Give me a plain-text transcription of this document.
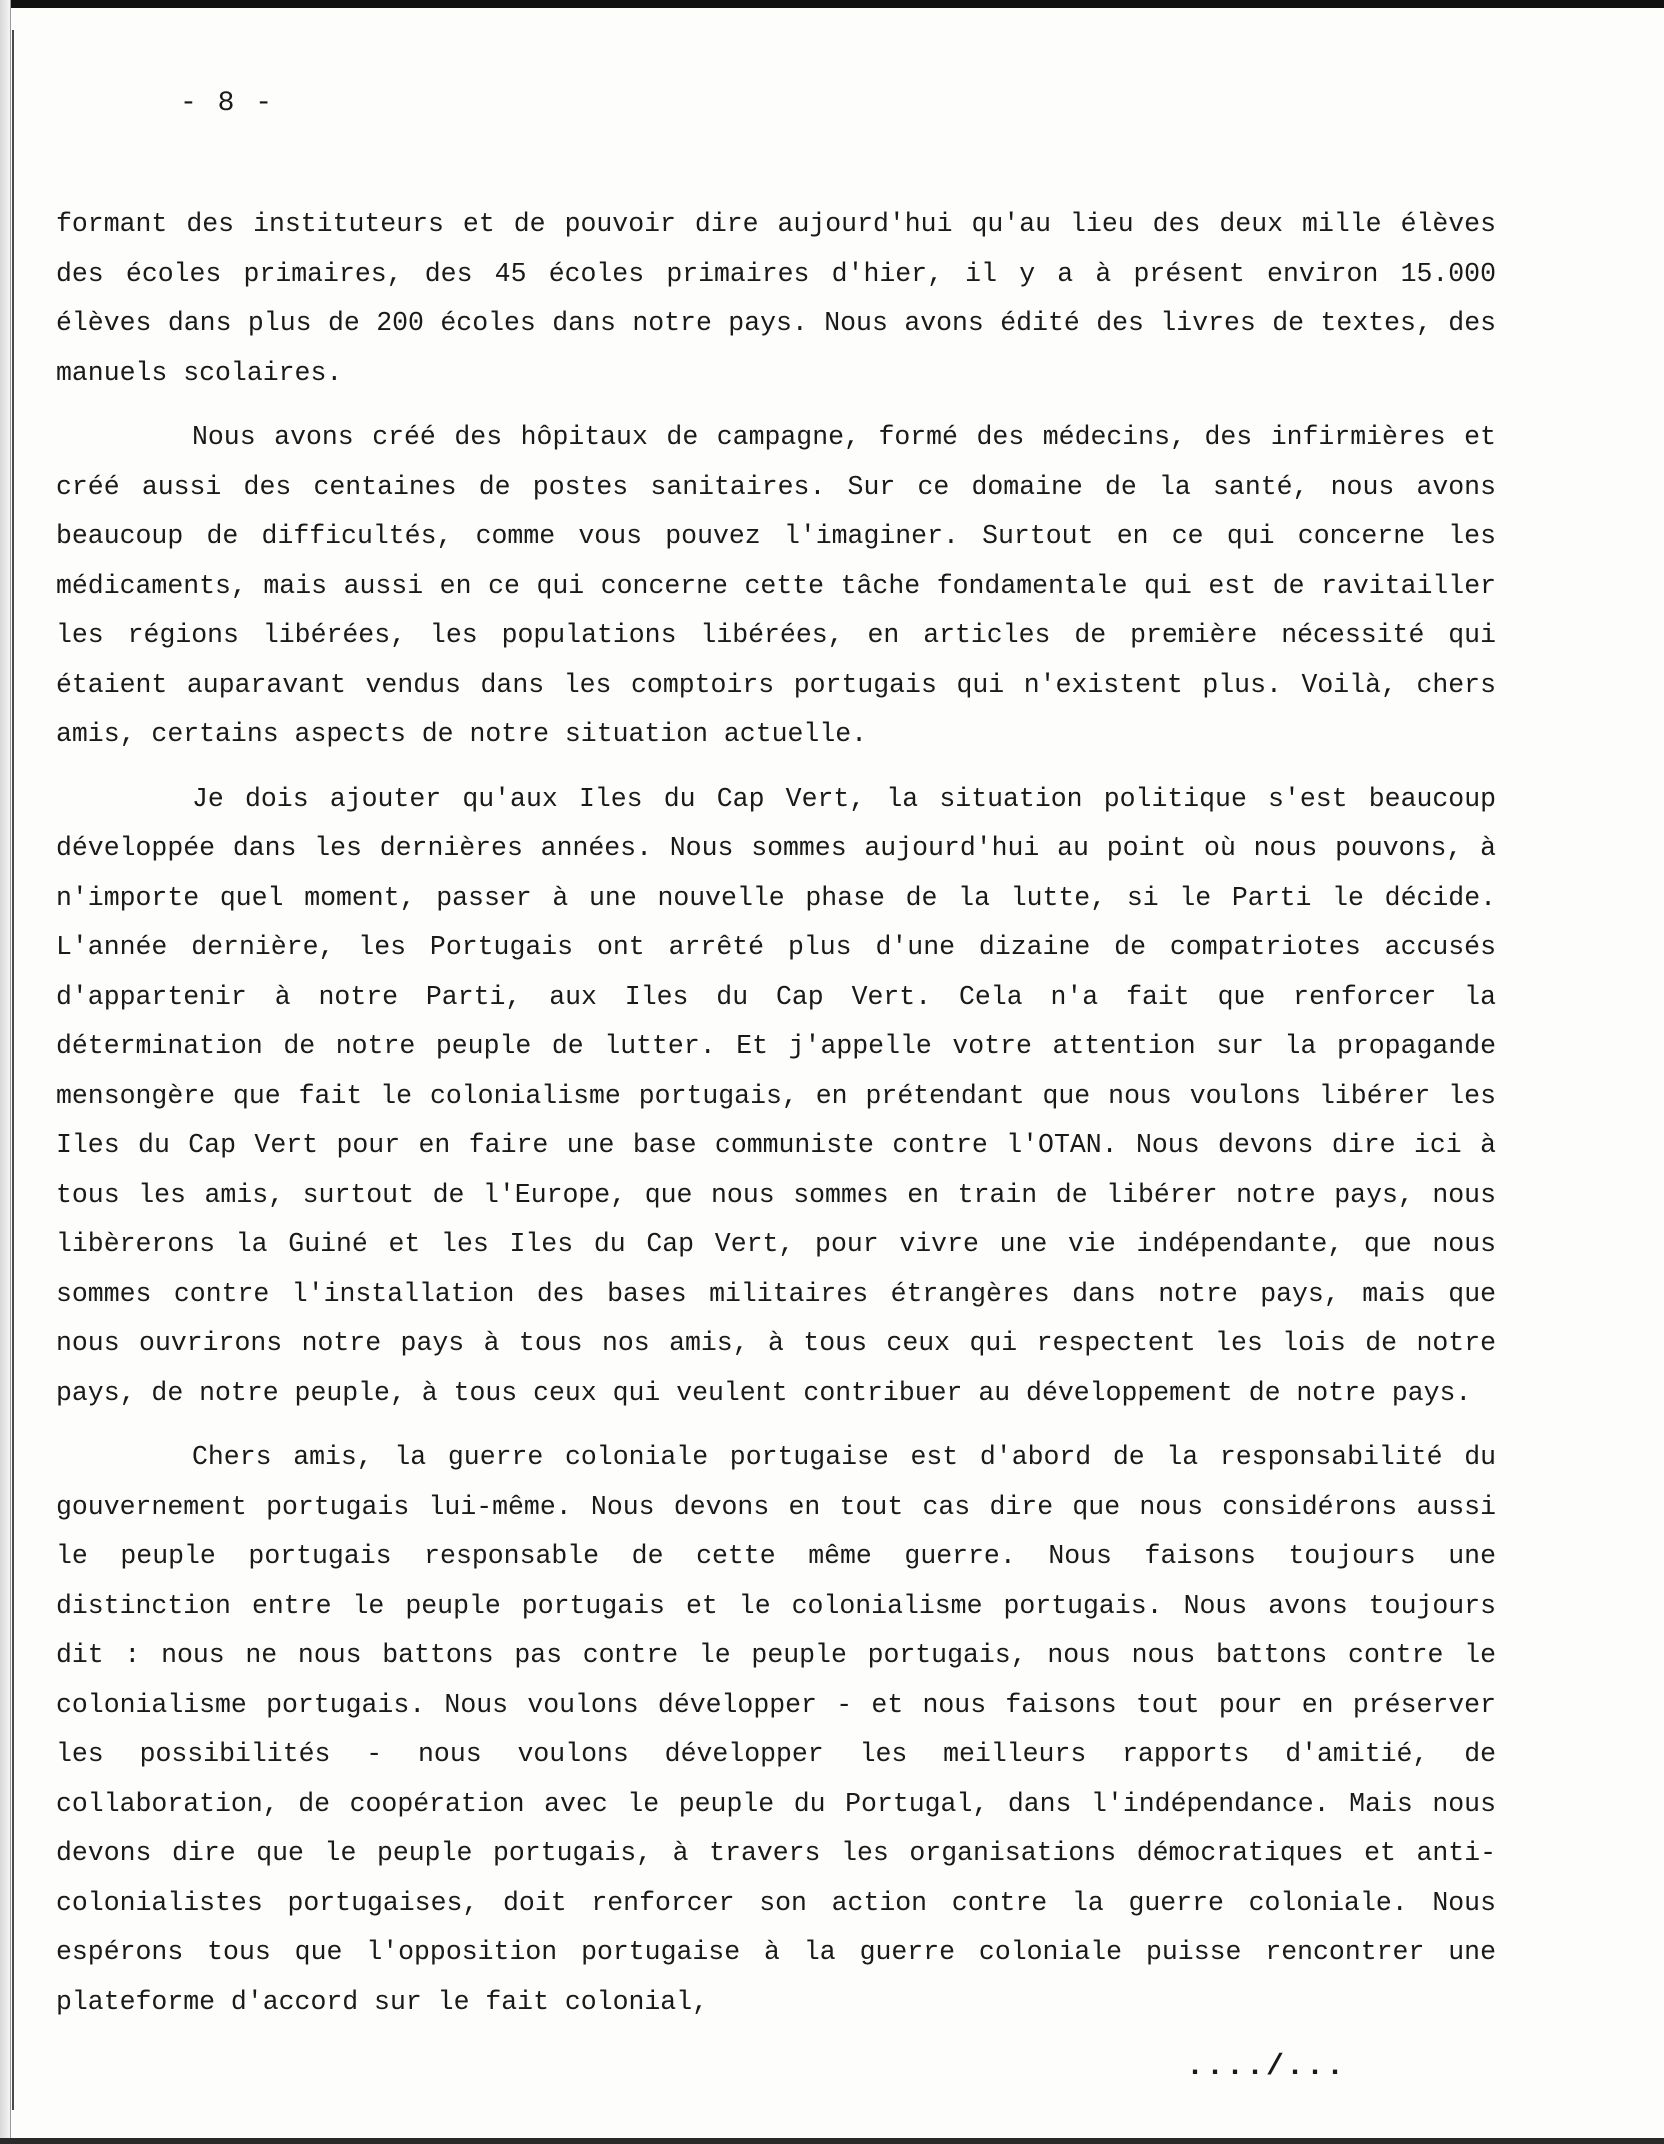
- 8 -

formant des instituteurs et de pouvoir dire aujourd'hui qu'au lieu des deux mille élèves des écoles primaires, des 45 écoles primaires d'hier, il y a à présent environ 15.000 élèves dans plus de 200 écoles dans notre pays. Nous avons édité des livres de textes, des manuels scolaires.

Nous avons créé des hôpitaux de campagne, formé des médecins, des infirmières et créé aussi des centaines de postes sanitaires. Sur ce domaine de la santé, nous avons beaucoup de difficultés, comme vous pouvez l'imaginer. Surtout en ce qui concerne les médicaments, mais aussi en ce qui concerne cette tâche fondamentale qui est de ravitailler les régions libérées, les populations libérées, en articles de première nécessité qui étaient auparavant vendus dans les comptoirs portugais qui n'existent plus. Voilà, chers amis, certains aspects de notre situation actuelle.

Je dois ajouter qu'aux Iles du Cap Vert, la situation politique s'est beaucoup développée dans les dernières années. Nous sommes aujourd'hui au point où nous pouvons, à n'importe quel moment, passer à une nouvelle phase de la lutte, si le Parti le décide. L'année dernière, les Portugais ont arrêté plus d'une dizaine de compatriotes accusés d'appartenir à notre Parti, aux Iles du Cap Vert. Cela n'a fait que renforcer la détermination de notre peuple de lutter. Et j'appelle votre attention sur la propagande mensongère que fait le colonialisme portugais, en prétendant que nous voulons libérer les Iles du Cap Vert pour en faire une base communiste contre l'OTAN. Nous devons dire ici à tous les amis, surtout de l'Europe, que nous sommes en train de libérer notre pays, nous libèrerons la Guiné et les Iles du Cap Vert, pour vivre une vie indépendante, que nous sommes contre l'installation des bases militaires étrangères dans notre pays, mais que nous ouvrirons notre pays à tous nos amis, à tous ceux qui respectent les lois de notre pays, de notre peuple, à tous ceux qui veulent contribuer au développement de notre pays.

Chers amis, la guerre coloniale portugaise est d'abord de la responsabilité du gouvernement portugais lui-même. Nous devons en tout cas dire que nous considérons aussi le peuple portugais responsable de cette même guerre. Nous faisons toujours une distinction entre le peuple portugais et le colonialisme portugais. Nous avons toujours dit : nous ne nous battons pas contre le peuple portugais, nous nous battons contre le colonialisme portugais. Nous voulons développer - et nous faisons tout pour en préserver les possibilités - nous voulons développer les meilleurs rapports d'amitié, de collaboration, de coopération avec le peuple du Portugal, dans l'indépendance. Mais nous devons dire que le peuple portugais, à travers les organisations démocratiques et anti-colonialistes portugaises, doit renforcer son action contre la guerre coloniale. Nous espérons tous que l'opposition portugaise à la guerre coloniale puisse rencontrer une plateforme d'accord sur le fait colonial,

..../...
